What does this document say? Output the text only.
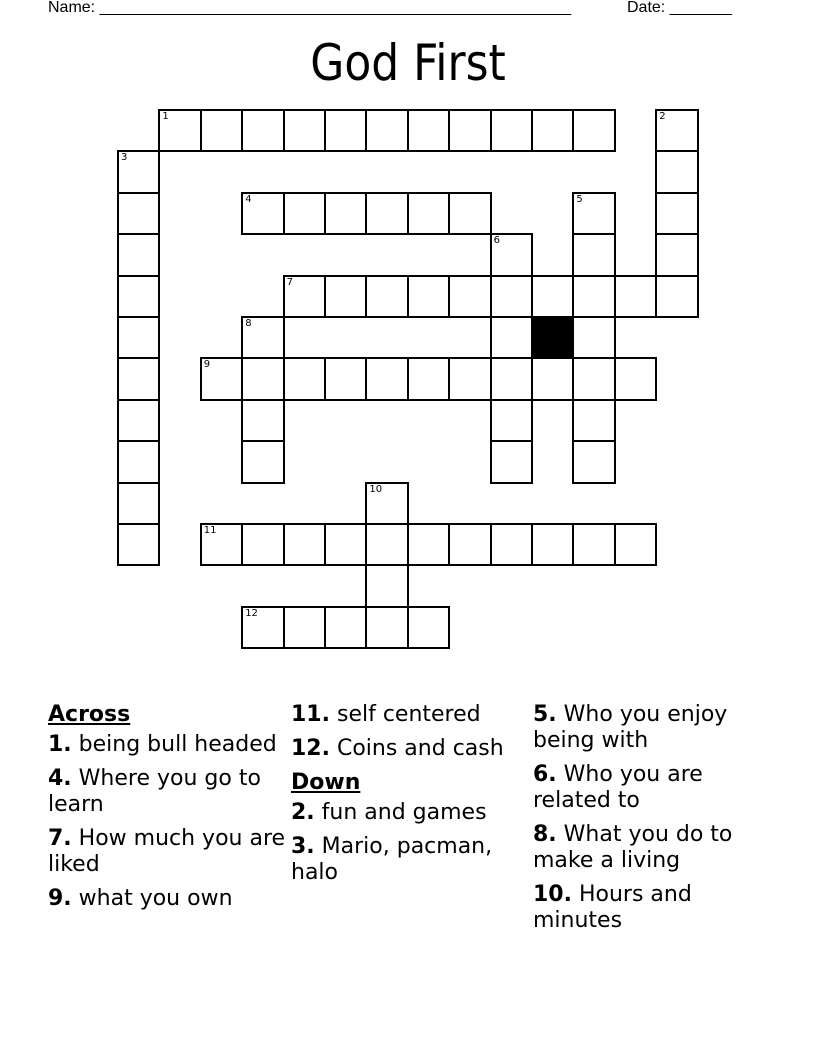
Name: _____________________________________________________	Date: _______
God First
1	2
3
4	5
6
7
8
9
10
11
12
Across
1. being bull headed
4. Where you go to learn
7. How much you are liked
9. what you own
11. self centered
12. Coins and cash
Down
2. fun and games
3. Mario, pacman, halo
5. Who you enjoy being with
6. Who you are related to
8. What you do to make a living
10. Hours and minutes
